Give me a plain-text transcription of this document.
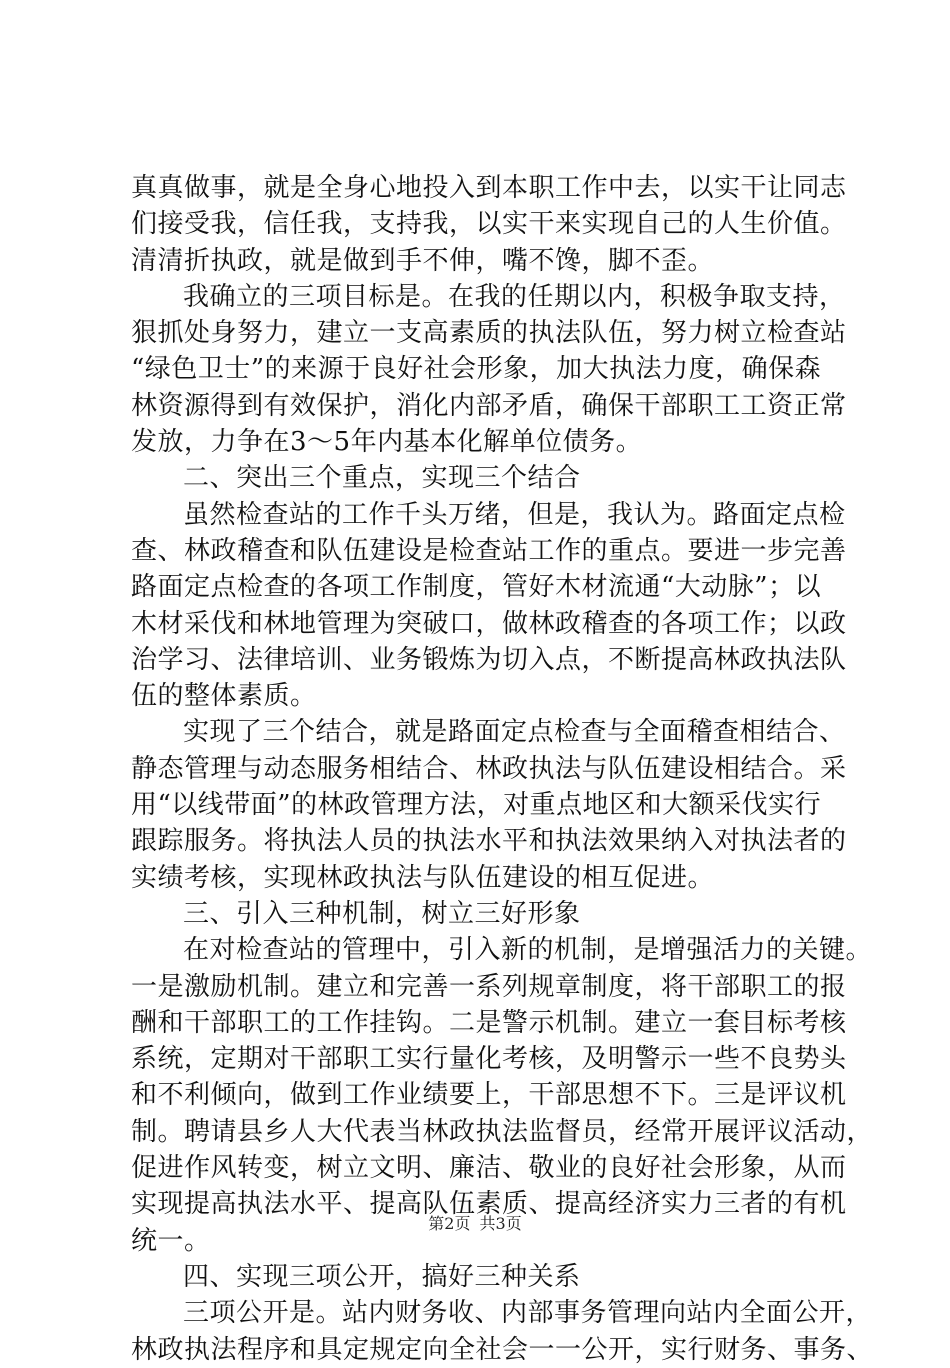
真真做事，就是全身心地投入到本职工作中去，以实干让同志
们接受我，信任我，支持我，以实干来实现自己的人生价值。
清清折执政，就是做到手不伸，嘴不馋，脚不歪。
我确立的三项目标是。在我的任期以内，积极争取支持，
狠抓处身努力，建立一支高素质的执法队伍，努力树立检查站
“绿色卫士”的来源于良好社会形象，加大执法力度，确保森
林资源得到有效保护，消化内部矛盾，确保干部职工工资正常
发放，力争在3～5年内基本化解单位债务。
二、突出三个重点，实现三个结合
虽然检查站的工作千头万绪，但是，我认为。路面定点检
查、林政稽查和队伍建设是检查站工作的重点。要进一步完善
路面定点检查的各项工作制度，管好木材流通“大动脉”；以
木材采伐和林地管理为突破口，做林政稽查的各项工作；以政
治学习、法律培训、业务锻炼为切入点，不断提高林政执法队
伍的整体素质。
实现了三个结合，就是路面定点检查与全面稽查相结合、
静态管理与动态服务相结合、林政执法与队伍建设相结合。采
用“以线带面”的林政管理方法，对重点地区和大额采伐实行
跟踪服务。将执法人员的执法水平和执法效果纳入对执法者的
实绩考核，实现林政执法与队伍建设的相互促进。
三、引入三种机制，树立三好形象
在对检查站的管理中，引入新的机制，是增强活力的关键。
一是激励机制。建立和完善一系列规章制度，将干部职工的报
酬和干部职工的工作挂钩。二是警示机制。建立一套目标考核
系统，定期对干部职工实行量化考核，及明警示一些不良势头
和不利倾向，做到工作业绩要上，干部思想不下。三是评议机
制。聘请县乡人大代表当林政执法监督员，经常开展评议活动，
促进作风转变，树立文明、廉洁、敬业的良好社会形象，从而
实现提高执法水平、提高队伍素质、提高经济实力三者的有机
统一。
四、实现三项公开，搞好三种关系
三项公开是。站内财务收、内部事务管理向站内全面公开，
林政执法程序和具定规定向全社会一一公开，实行财务、事务、
第2页 共3页
